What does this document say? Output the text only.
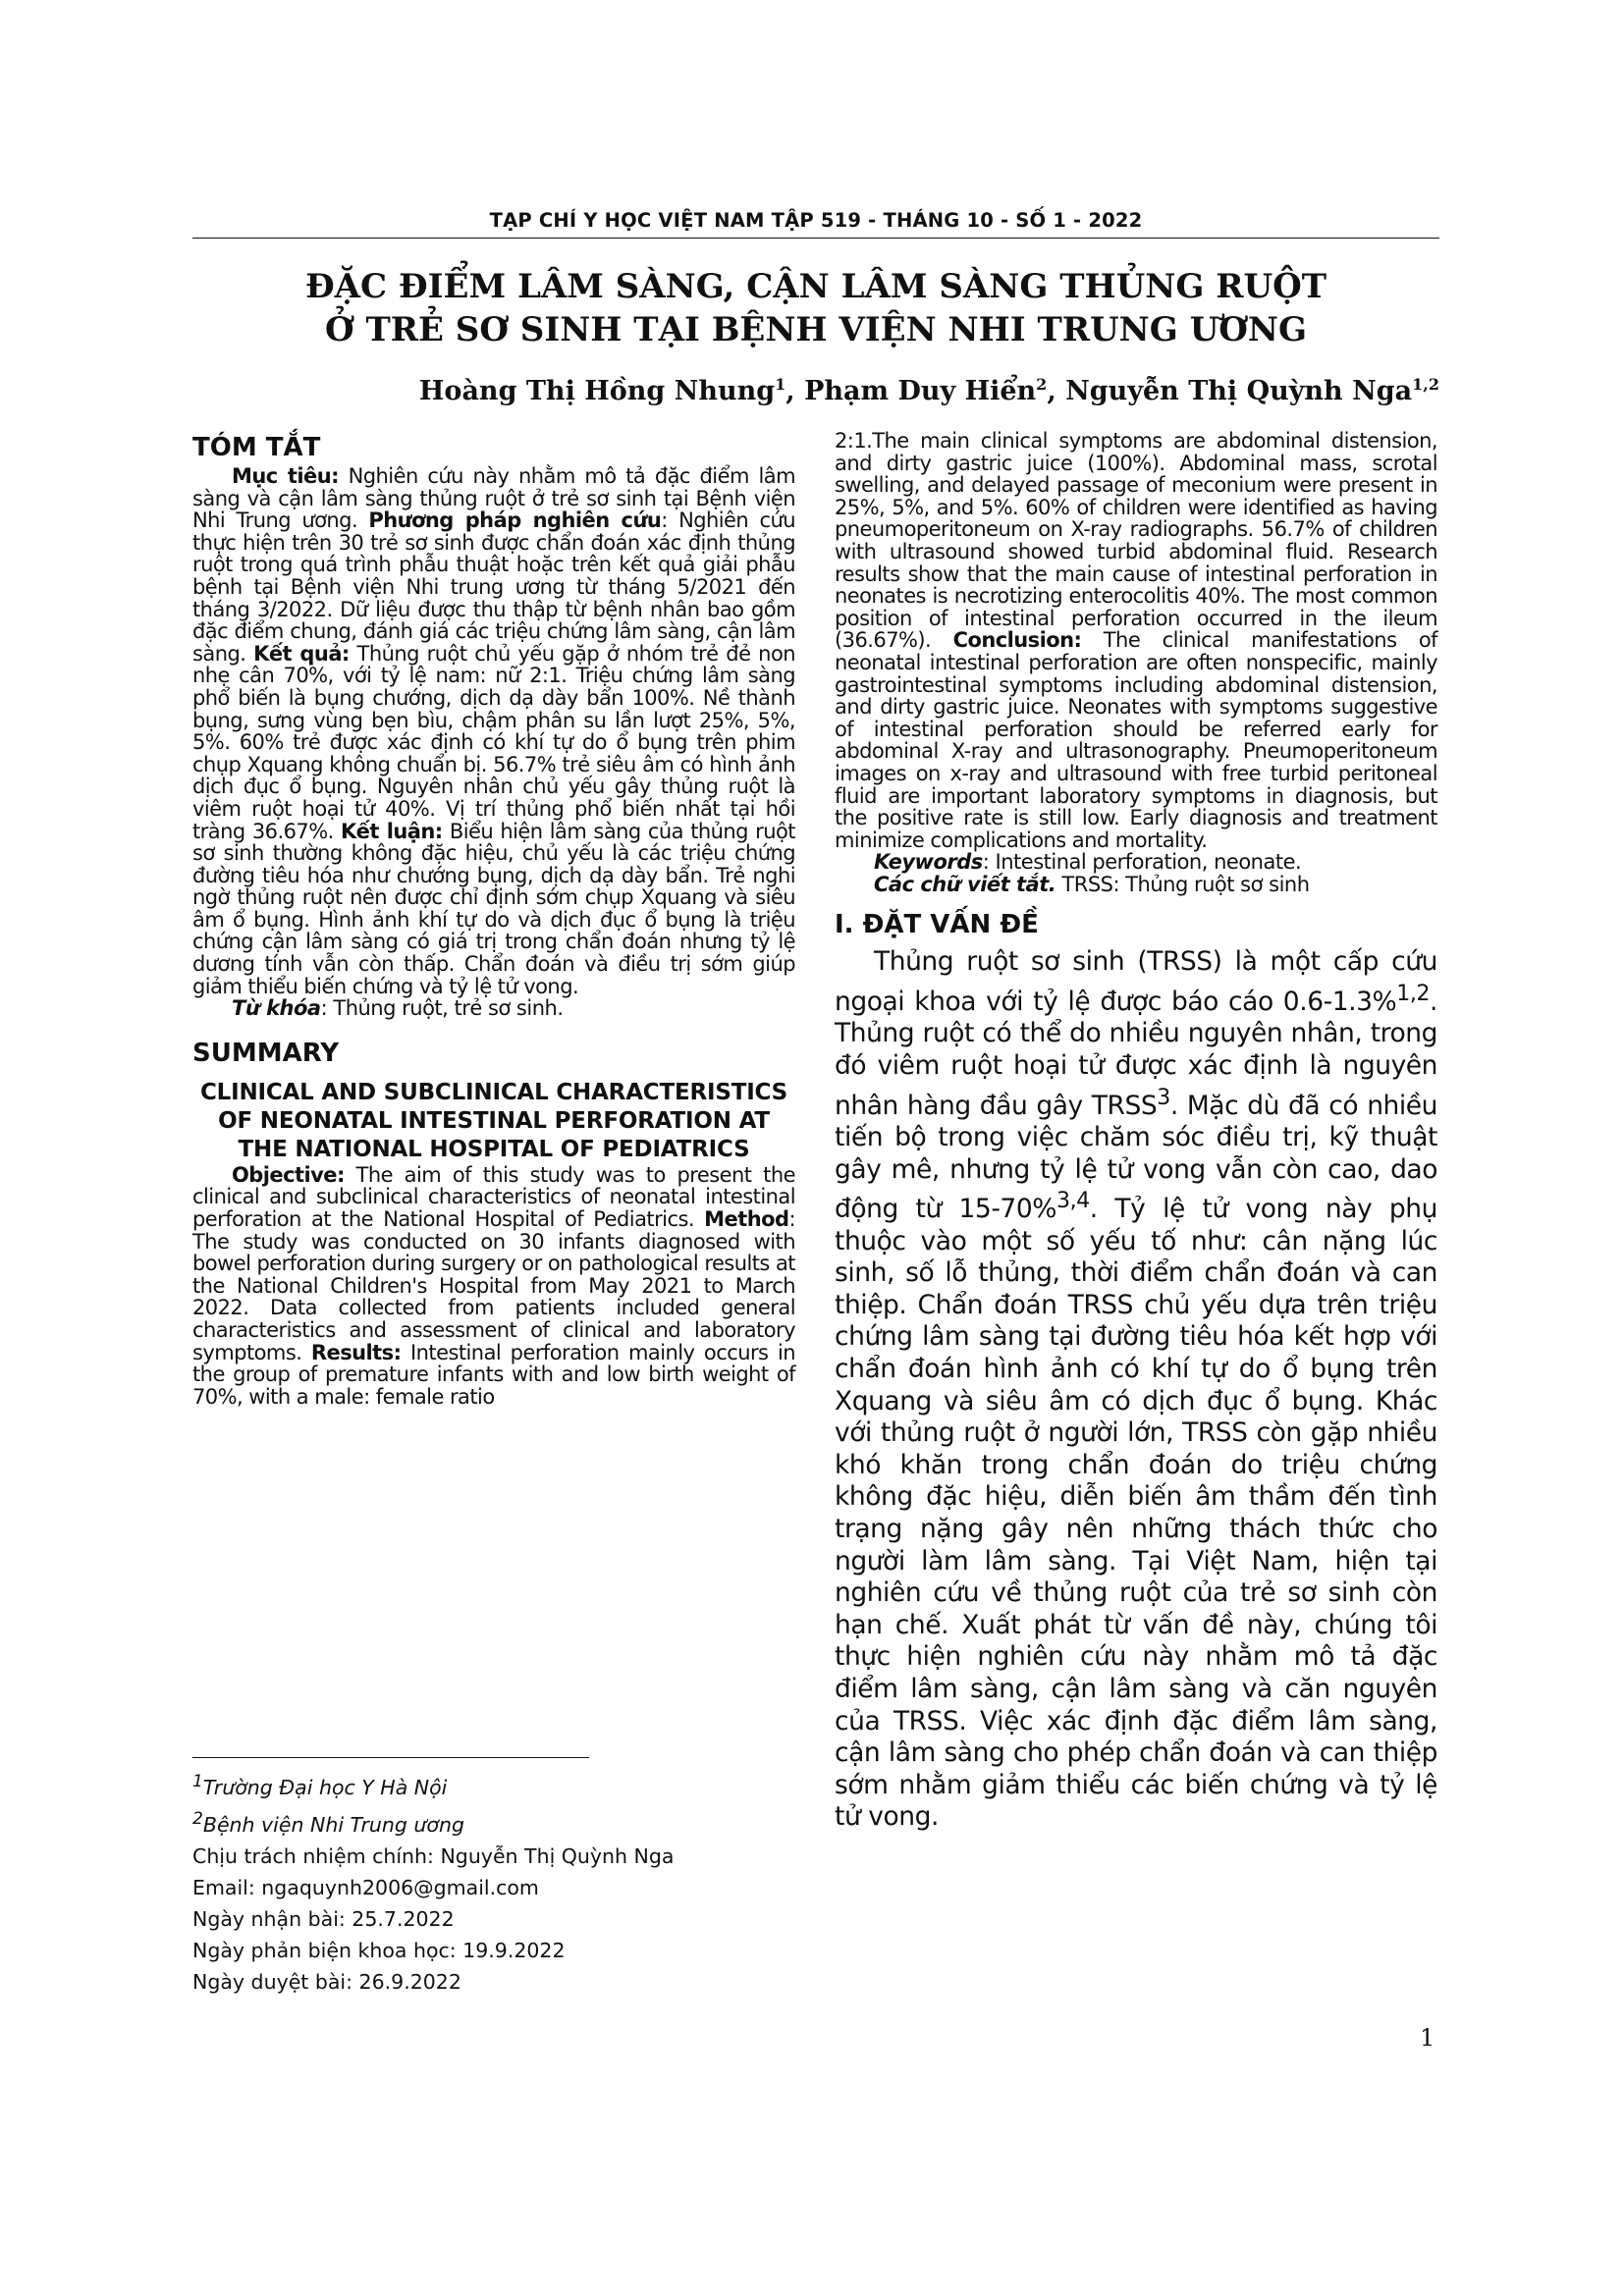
TẠP CHÍ Y HỌC VIỆT NAM TẬP 519 - THÁNG 10 - SỐ 1 - 2022
ĐẶC ĐIỂM LÂM SÀNG, CẬN LÂM SÀNG THỦNG RUỘT
Ở TRẺ SƠ SINH TẠI BỆNH VIỆN NHI TRUNG ƯƠNG
Hoàng Thị Hồng Nhung$^1$, Phạm Duy Hiển$^2$, Nguyễn Thị Quỳnh Nga$^{1,2}$
TÓM TẮT

Mục tiêu: Nghiên cứu này nhằm mô tả đặc điểm lâm sàng và cận lâm sàng thủng ruột ở trẻ sơ sinh tại Bệnh viện Nhi Trung ương. Phương pháp nghiên cứu: Nghiên cứu thực hiện trên 30 trẻ sơ sinh được chẩn đoán xác định thủng ruột trong quá trình phẫu thuật hoặc trên kết quả giải phẫu bệnh tại Bệnh viện Nhi trung ương từ tháng 5/2021 đến tháng 3/2022. Dữ liệu được thu thập từ bệnh nhân bao gồm đặc điểm chung, đánh giá các triệu chứng lâm sàng, cận lâm sàng. Kết quả: Thủng ruột chủ yếu gặp ở nhóm trẻ đẻ non nhẹ cân 70%, với tỷ lệ nam: nữ 2:1. Triệu chứng lâm sàng phổ biến là bụng chướng, dịch dạ dày bẩn 100%. Nề thành bụng, sưng vùng bẹn bìu, chậm phân su lần lượt 25%, 5%, 5%. 60% trẻ được xác định có khí tự do ổ bụng trên phim chụp Xquang không chuẩn bị. 56.7% trẻ siêu âm có hình ảnh dịch đục ổ bụng. Nguyên nhân chủ yếu gây thủng ruột là viêm ruột hoại tử 40%. Vị trí thủng phổ biến nhất tại hồi tràng 36.67%. Kết luận: Biểu hiện lâm sàng của thủng ruột sơ sinh thường không đặc hiệu, chủ yếu là các triệu chứng đường tiêu hóa như chướng bụng, dịch dạ dày bẩn. Trẻ nghi ngờ thủng ruột nên được chỉ định sớm chụp Xquang và siêu âm ổ bụng. Hình ảnh khí tự do và dịch đục ổ bụng là triệu chứng cận lâm sàng có giá trị trong chẩn đoán nhưng tỷ lệ dương tính vẫn còn thấp. Chẩn đoán và điều trị sớm giúp giảm thiểu biến chứng và tỷ lệ tử vong.

Từ khóa: Thủng ruột, trẻ sơ sinh.

SUMMARY
CLINICAL AND SUBCLINICAL CHARACTERISTICS OF NEONATAL INTESTINAL PERFORATION AT THE NATIONAL HOSPITAL OF PEDIATRICS

Objective: The aim of this study was to present the clinical and subclinical characteristics of neonatal intestinal perforation at the National Hospital of Pediatrics. Method: The study was conducted on 30 infants diagnosed with bowel perforation during surgery or on pathological results at the National Children's Hospital from May 2021 to March 2022. Data collected from patients included general characteristics and assessment of clinical and laboratory symptoms. Results: Intestinal perforation mainly occurs in the group of premature infants with and low birth weight of 70%, with a male: female ratio

$^1$Trường Đại học Y Hà Nội
$^2$Bệnh viện Nhi Trung ương
Chịu trách nhiệm chính: Nguyễn Thị Quỳnh Nga
Email: ngaquynh2006@gmail.com
Ngày nhận bài: 25.7.2022
Ngày phản biện khoa học: 19.9.2022
Ngày duyệt bài: 26.9.2022

2:1.The main clinical symptoms are abdominal distension, and dirty gastric juice (100%). Abdominal mass, scrotal swelling, and delayed passage of meconium were present in 25%, 5%, and 5%. 60% of children were identified as having pneumoperitoneum on X-ray radiographs. 56.7% of children with ultrasound showed turbid abdominal fluid. Research results show that the main cause of intestinal perforation in neonates is necrotizing enterocolitis 40%. The most common position of intestinal perforation occurred in the ileum (36.67%). Conclusion: The clinical manifestations of neonatal intestinal perforation are often nonspecific, mainly gastrointestinal symptoms including abdominal distension, and dirty gastric juice. Neonates with symptoms suggestive of intestinal perforation should be referred early for abdominal X-ray and ultrasonography. Pneumoperitoneum images on x-ray and ultrasound with free turbid peritoneal fluid are important laboratory symptoms in diagnosis, but the positive rate is still low. Early diagnosis and treatment minimize complications and mortality.

Keywords: Intestinal perforation, neonate.

Các chữ viết tắt. TRSS: Thủng ruột sơ sinh

I. ĐẶT VẤN ĐỀ

Thủng ruột sơ sinh (TRSS) là một cấp cứu ngoại khoa với tỷ lệ được báo cáo 0.6-1.3%$^{1,2}$. Thủng ruột có thể do nhiều nguyên nhân, trong đó viêm ruột hoại tử được xác định là nguyên nhân hàng đầu gây TRSS$^3$. Mặc dù đã có nhiều tiến bộ trong việc chăm sóc điều trị, kỹ thuật gây mê, nhưng tỷ lệ tử vong vẫn còn cao, dao động từ 15-70%$^{3,4}$. Tỷ lệ tử vong này phụ thuộc vào một số yếu tố như: cân nặng lúc sinh, số lỗ thủng, thời điểm chẩn đoán và can thiệp. Chẩn đoán TRSS chủ yếu dựa trên triệu chứng lâm sàng tại đường tiêu hóa kết hợp với chẩn đoán hình ảnh có khí tự do ổ bụng trên Xquang và siêu âm có dịch đục ổ bụng. Khác với thủng ruột ở người lớn, TRSS còn gặp nhiều khó khăn trong chẩn đoán do triệu chứng không đặc hiệu, diễn biến âm thầm đến tình trạng nặng gây nên những thách thức cho người làm lâm sàng. Tại Việt Nam, hiện tại nghiên cứu về thủng ruột của trẻ sơ sinh còn hạn chế. Xuất phát từ vấn đề này, chúng tôi thực hiện nghiên cứu này nhằm mô tả đặc điểm lâm sàng, cận lâm sàng và căn nguyên của TRSS. Việc xác định đặc điểm lâm sàng, cận lâm sàng cho phép chẩn đoán và can thiệp sớm nhằm giảm thiểu các biến chứng và tỷ lệ tử vong.

1
